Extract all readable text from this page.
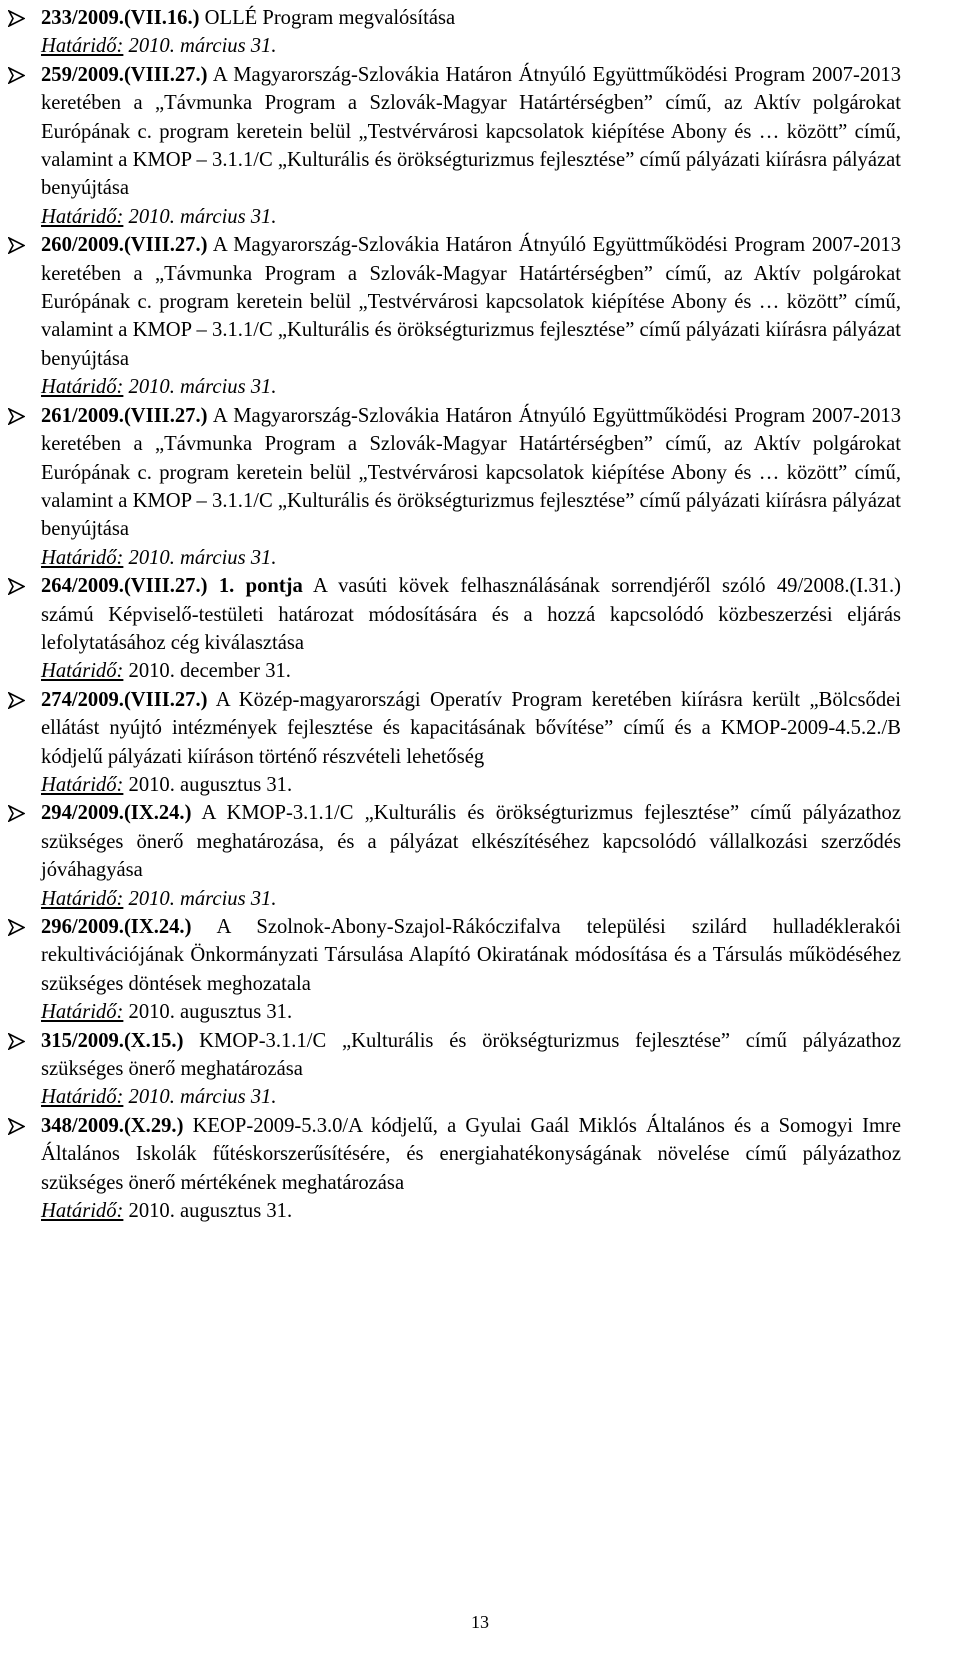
233/2009.(VII.16.) OLLÉ Program megvalósítása
Határidő: 2010. március 31.
259/2009.(VIII.27.) A Magyarország-Szlovákia Határon Átnyúló Együttműködési Program 2007-2013 keretében a „Távmunka Program a Szlovák-Magyar Határtérségben” című, az Aktív polgárokat Európának c. program keretein belül „Testvérvárosi kapcsolatok kiépítése Abony és … között” című, valamint a KMOP – 3.1.1/C „Kulturális és örökségturizmus fejlesztése” című pályázati kiírásra pályázat benyújtása
Határidő: 2010. március 31.
260/2009.(VIII.27.) A Magyarország-Szlovákia Határon Átnyúló Együttműködési Program 2007-2013 keretében a „Távmunka Program a Szlovák-Magyar Határtérségben” című, az Aktív polgárokat Európának c. program keretein belül „Testvérvárosi kapcsolatok kiépítése Abony és … között” című, valamint a KMOP – 3.1.1/C „Kulturális és örökségturizmus fejlesztése” című pályázati kiírásra pályázat benyújtása
Határidő: 2010. március 31.
261/2009.(VIII.27.) A Magyarország-Szlovákia Határon Átnyúló Együttműködési Program 2007-2013 keretében a „Távmunka Program a Szlovák-Magyar Határtérségben” című, az Aktív polgárokat Európának c. program keretein belül „Testvérvárosi kapcsolatok kiépítése Abony és … között” című, valamint a KMOP – 3.1.1/C „Kulturális és örökségturizmus fejlesztése” című pályázati kiírásra pályázat benyújtása
Határidő: 2010. március 31.
264/2009.(VIII.27.) 1. pontja A vasúti kövek felhasználásának sorrendjéről szóló 49/2008.(I.31.) számú Képviselő-testületi határozat módosítására és a hozzá kapcsolódó közbeszerzési eljárás lefolytatásához cég kiválasztása
Határidő: 2010. december 31.
274/2009.(VIII.27.) A Közép-magyarországi Operatív Program keretében kiírásra került „Bölcsődei ellátást nyújtó intézmények fejlesztése és kapacitásának bővítése” című és a KMOP-2009-4.5.2./B kódjelű pályázati kiíráson történő részvételi lehetőség
Határidő: 2010. augusztus 31.
294/2009.(IX.24.) A KMOP-3.1.1/C „Kulturális és örökségturizmus fejlesztése” című pályázathoz szükséges önerő meghatározása, és a pályázat elkészítéséhez kapcsolódó vállalkozási szerződés jóváhagyása
Határidő: 2010. március 31.
296/2009.(IX.24.) A Szolnok-Abony-Szajol-Rákóczifalva települési szilárd hulladéklerakói rekultivációjának Önkormányzati Társulása Alapító Okiratának módosítása és a Társulás működéséhez szükséges döntések meghozatala
Határidő: 2010. augusztus 31.
315/2009.(X.15.) KMOP-3.1.1/C „Kulturális és örökségturizmus fejlesztése” című pályázathoz szükséges önerő meghatározása
Határidő: 2010. március 31.
348/2009.(X.29.) KEOP-2009-5.3.0/A kódjelű, a Gyulai Gaál Miklós Általános és a Somogyi Imre Általános Iskolák fűtéskorszerűsítésére, és energiahatékonyságának növelése című pályázathoz szükséges önerő mértékének meghatározása
Határidő: 2010. augusztus 31.
13
